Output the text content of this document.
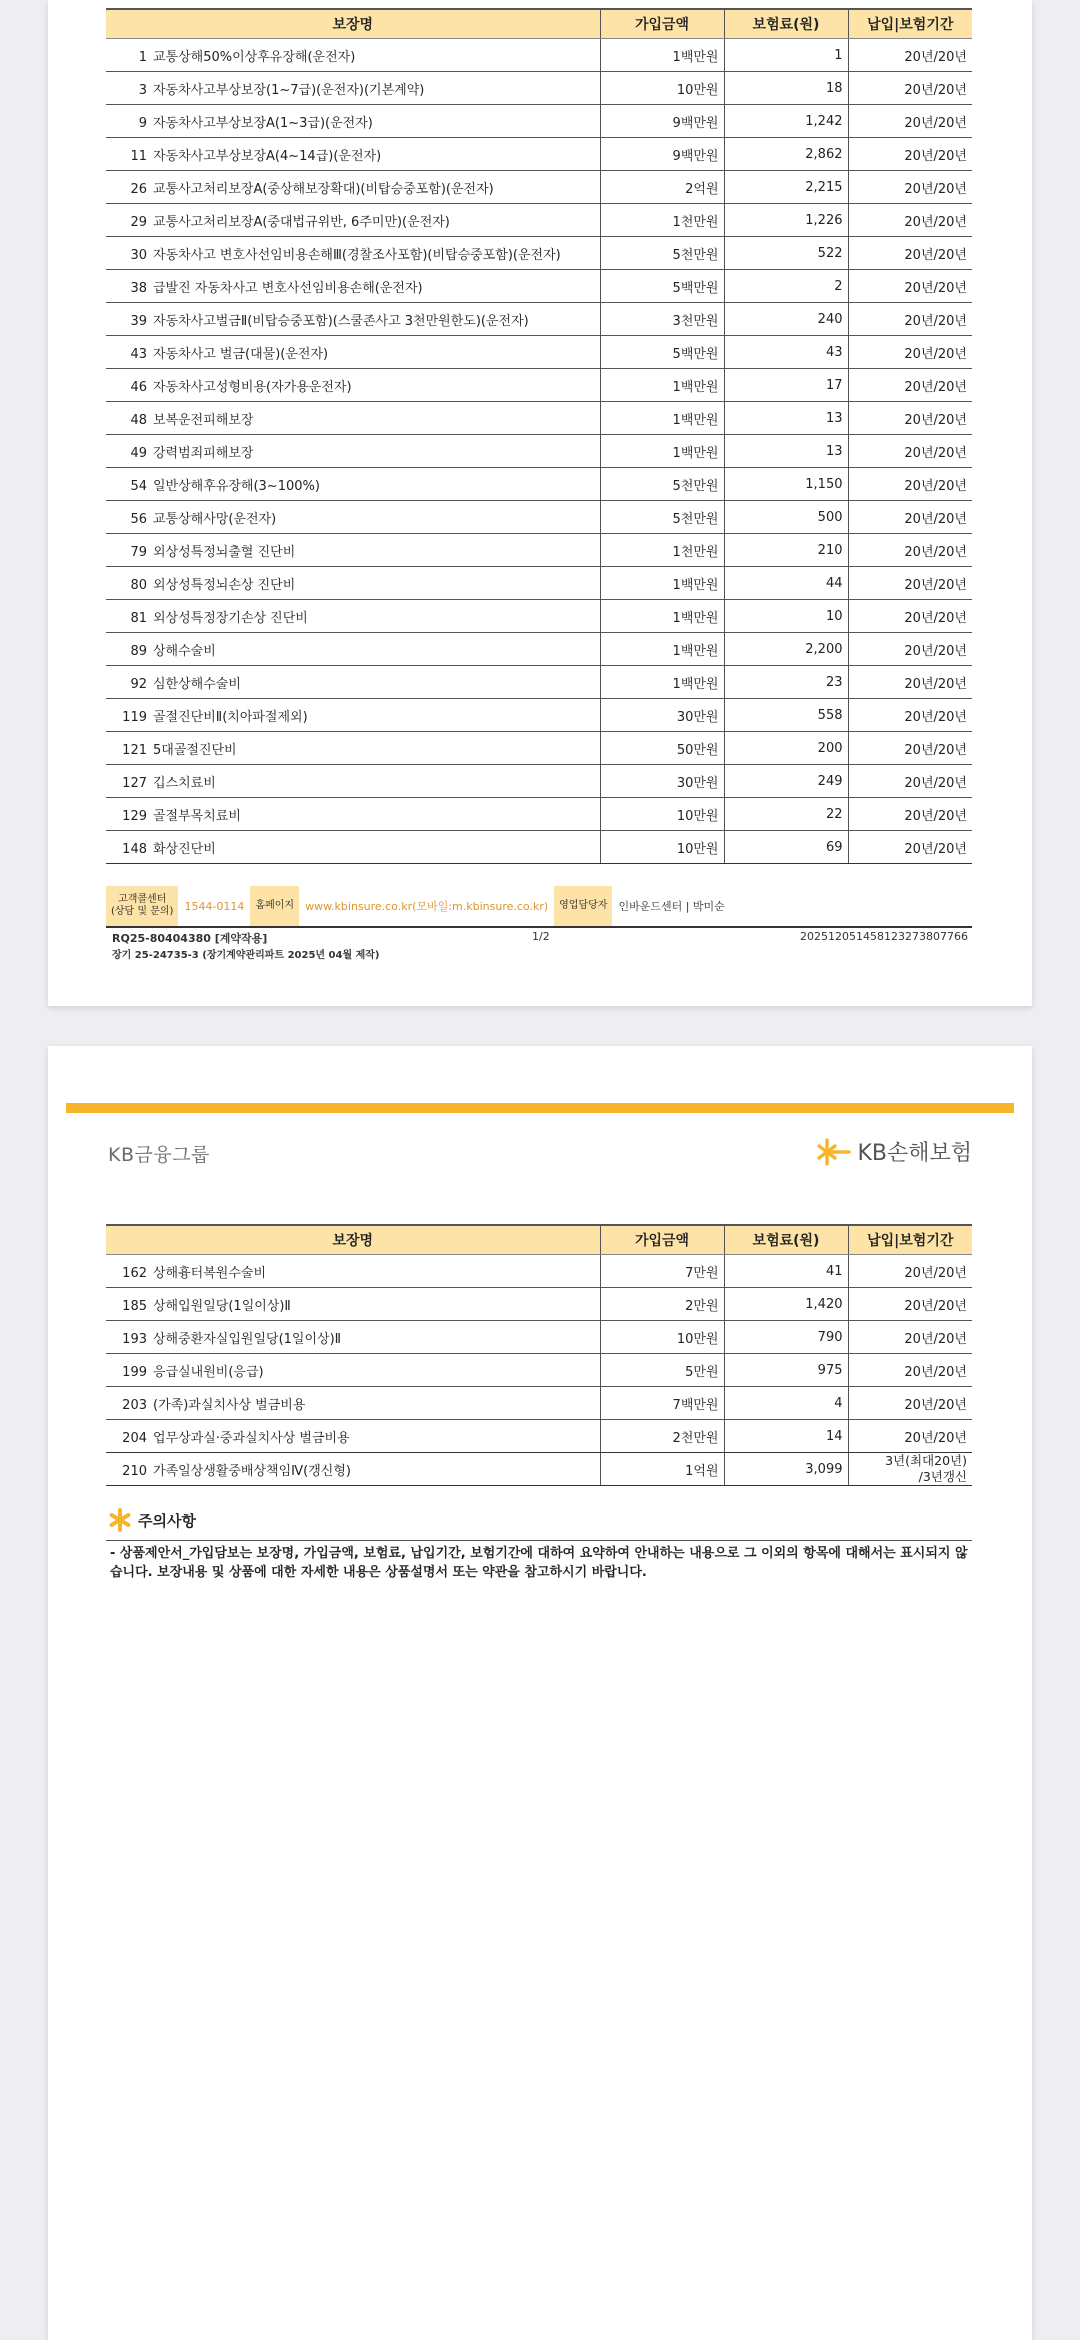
보장명	가입금액	보험료(원)	납입|보험기간
1 교통상해50%이상후유장해(운전자)	1백만원	1	20년/20년
3 자동차사고부상보장(1~7급)(운전자)(기본계약)	10만원	18	20년/20년
9 자동차사고부상보장A(1~3급)(운전자)	9백만원	1,242	20년/20년
11 자동차사고부상보장A(4~14급)(운전자)	9백만원	2,862	20년/20년
26 교통사고처리보장A(중상해보장확대)(비탑승중포함)(운전자)	2억원	2,215	20년/20년
29 교통사고처리보장A(중대법규위반, 6주미만)(운전자)	1천만원	1,226	20년/20년
30 자동차사고 변호사선임비용손해Ⅲ(경찰조사포함)(비탑승중포함)(운전자)	5천만원	522	20년/20년
38 급발진 자동차사고 변호사선임비용손해(운전자)	5백만원	2	20년/20년
39 자동차사고벌금Ⅱ(비탑승중포함)(스쿨존사고 3천만원한도)(운전자)	3천만원	240	20년/20년
43 자동차사고 벌금(대물)(운전자)	5백만원	43	20년/20년
46 자동차사고성형비용(자가용운전자)	1백만원	17	20년/20년
48 보복운전피해보장	1백만원	13	20년/20년
49 강력범죄피해보장	1백만원	13	20년/20년
54 일반상해후유장해(3~100%)	5천만원	1,150	20년/20년
56 교통상해사망(운전자)	5천만원	500	20년/20년
79 외상성특정뇌출혈 진단비	1천만원	210	20년/20년
80 외상성특정뇌손상 진단비	1백만원	44	20년/20년
81 외상성특정장기손상 진단비	1백만원	10	20년/20년
89 상해수술비	1백만원	2,200	20년/20년
92 심한상해수술비	1백만원	23	20년/20년
119 골절진단비Ⅱ(치아파절제외)	30만원	558	20년/20년
121 5대골절진단비	50만원	200	20년/20년
127 깁스치료비	30만원	249	20년/20년
129 골절부목치료비	10만원	22	20년/20년
148 화상진단비	10만원	69	20년/20년
고객콜센터
(상담 및 문의)	1544-0114	홈페이지	www.kbinsure.co.kr(모바일:m.kbinsure.co.kr)	영업담당자	인바운드센터 | 박미순
RQ25-80404380 [계약작용]	1/2	202512051458123273807766
장기 25-24735-3 (장기계약관리파트 2025년 04월 제작)
KB금융그룹	KB손해보험
보장명	가입금액	보험료(원)	납입|보험기간
162 상해흉터복원수술비	7만원	41	20년/20년
185 상해입원일당(1일이상)Ⅱ	2만원	1,420	20년/20년
193 상해중환자실입원일당(1일이상)Ⅱ	10만원	790	20년/20년
199 응급실내원비(응급)	5만원	975	20년/20년
203 (가족)과실치사상 벌금비용	7백만원	4	20년/20년
204 업무상과실·중과실치사상 벌금비용	2천만원	14	20년/20년
210 가족일상생활중배상책임Ⅳ(갱신형)	1억원	3,099	3년(최대20년)
/3년갱신
주의사항
- 상품제안서_가입담보는 보장명, 가입금액, 보험료, 납입기간, 보험기간에 대하여 요약하여 안내하는 내용으로 그 이외의 항목에 대해서는 표시되지 않습니다. 보장내용 및 상품에 대한 자세한 내용은 상품설명서 또는 약관을 참고하시기 바랍니다.
